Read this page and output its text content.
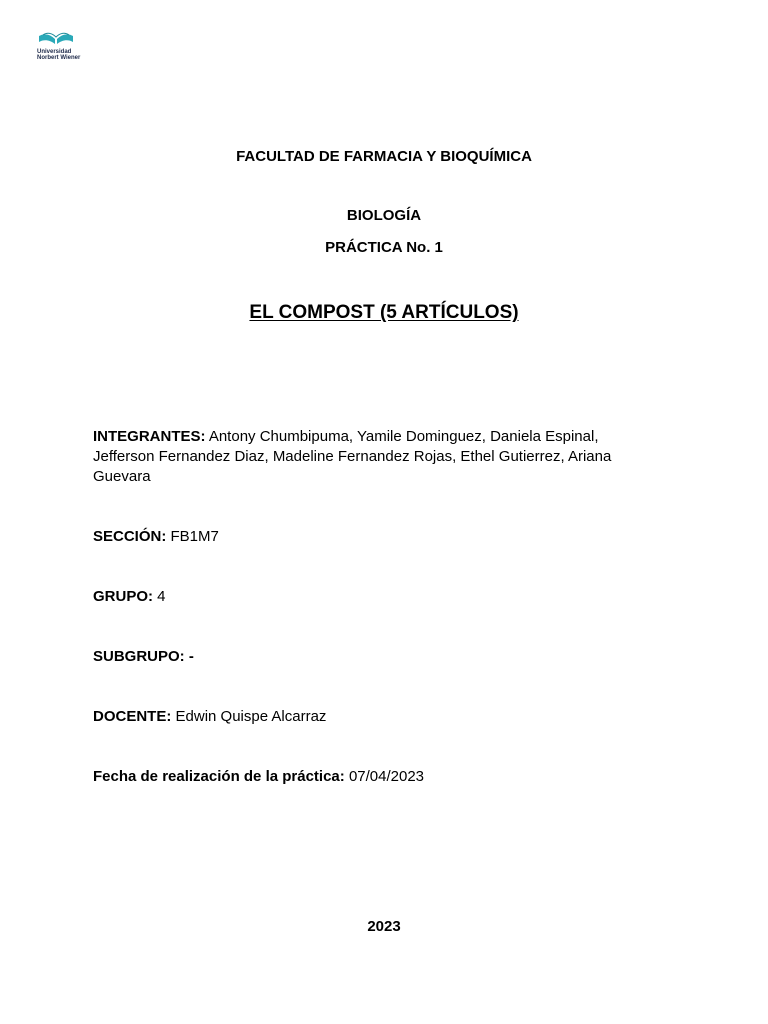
Universidad
Norbert Wiener
FACULTAD DE FARMACIA Y BIOQUÍMICA
BIOLOGÍA
PRÁCTICA No. 1
EL COMPOST (5 ARTÍCULOS)
INTEGRANTES: Antony Chumbipuma, Yamile Dominguez, Daniela Espinal, Jefferson Fernandez Diaz, Madeline Fernandez Rojas, Ethel Gutierrez, Ariana Guevara
SECCIÓN: FB1M7
GRUPO: 4
SUBGRUPO: -
DOCENTE: Edwin Quispe Alcarraz
Fecha de realización de la práctica: 07/04/2023
2023
